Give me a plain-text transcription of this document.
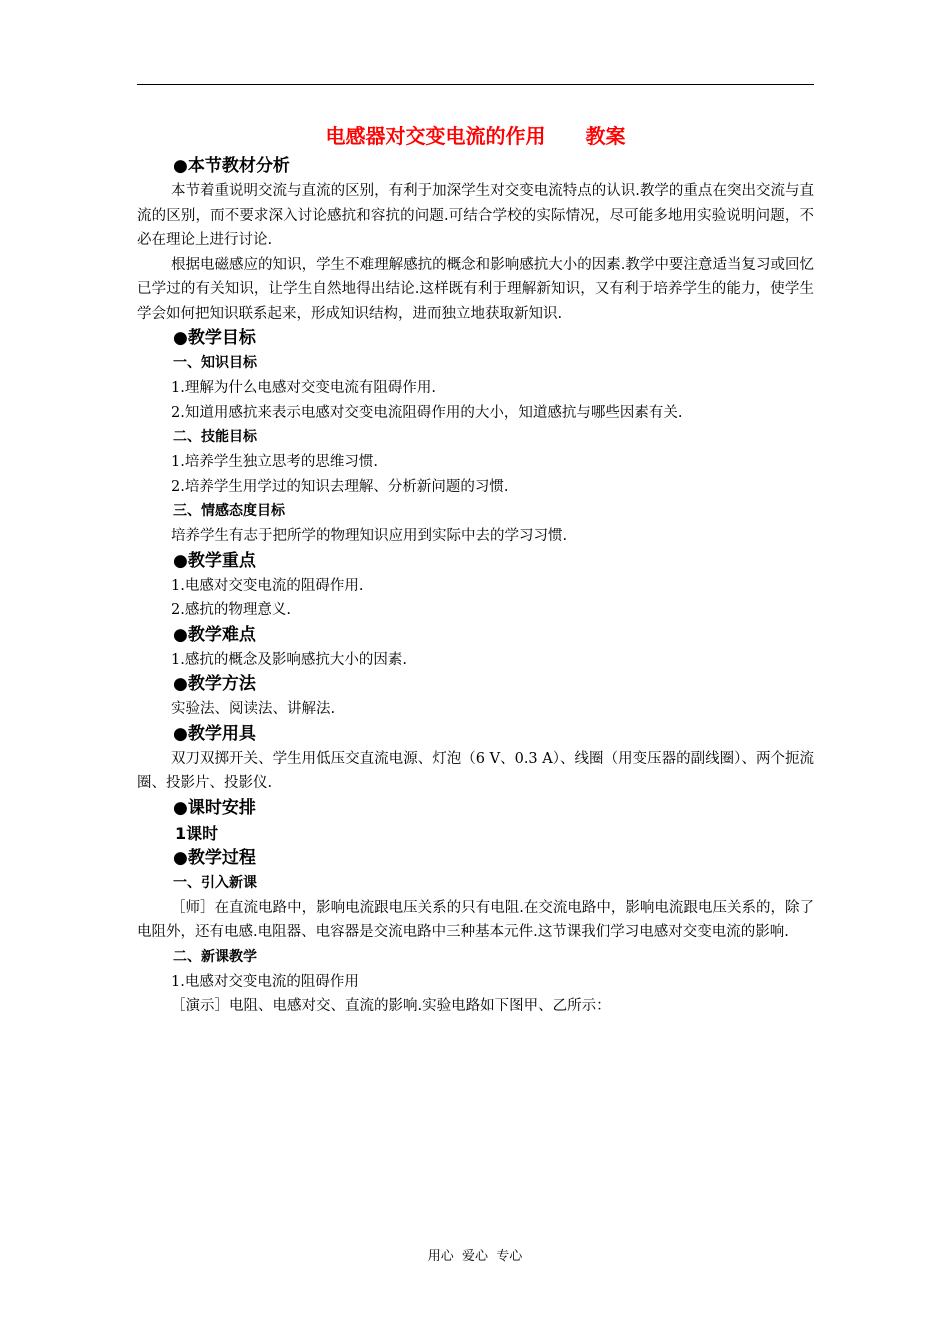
电感器对交变电流的作用　　教案

●本节教材分析

本节着重说明交流与直流的区别，有利于加深学生对交变电流特点的认识.教学的重点在突出交流与直流的区别，而不要求深入讨论感抗和容抗的问题.可结合学校的实际情况，尽可能多地用实验说明问题，不必在理论上进行讨论.

根据电磁感应的知识，学生不难理解感抗的概念和影响感抗大小的因素.教学中要注意适当复习或回忆已学过的有关知识，让学生自然地得出结论.这样既有利于理解新知识，又有利于培养学生的能力，使学生学会如何把知识联系起来，形成知识结构，进而独立地获取新知识.

●教学目标

一、知识目标

1.理解为什么电感对交变电流有阻碍作用.

2.知道用感抗来表示电感对交变电流阻碍作用的大小，知道感抗与哪些因素有关.

二、技能目标

1.培养学生独立思考的思维习惯.

2.培养学生用学过的知识去理解、分析新问题的习惯.

三、情感态度目标

培养学生有志于把所学的物理知识应用到实际中去的学习习惯.

●教学重点

1.电感对交变电流的阻碍作用.

2.感抗的物理意义.

●教学难点

1.感抗的概念及影响感抗大小的因素.

●教学方法

实验法、阅读法、讲解法.

●教学用具

双刀双掷开关、学生用低压交直流电源、灯泡（6 V、0.3 A）、线圈（用变压器的副线圈）、两个扼流圈、投影片、投影仪.

●课时安排

1课时

●教学过程

一、引入新课

［师］在直流电路中，影响电流跟电压关系的只有电阻.在交流电路中，影响电流跟电压关系的，除了电阻外，还有电感.电阻器、电容器是交流电路中三种基本元件.这节课我们学习电感对交变电流的影响.

二、新课教学

1.电感对交变电流的阻碍作用

［演示］电阻、电感对交、直流的影响.实验电路如下图甲、乙所示：

用心  爱心  专心
